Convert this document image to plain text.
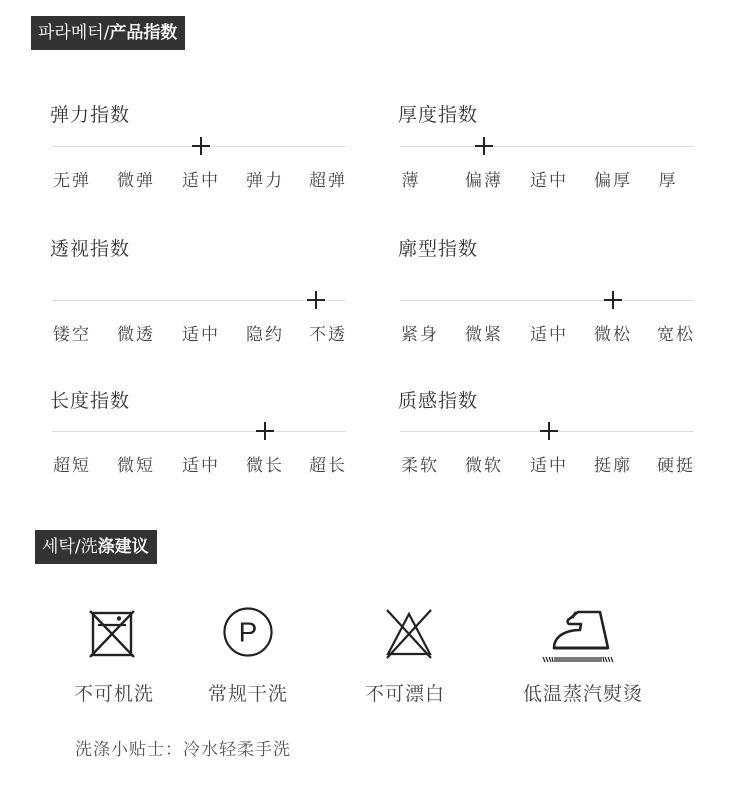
파라메터/产品指数
弹力指数
无弹 微弹 适中 弹力 超弹
厚度指数
薄	偏薄 适中 偏厚	厚
透视指数
镂空 微透 适中 隐约 不透
廓型指数
紧身 微紧 适中 微松 宽松
长度指数
超短 微短 适中 微长 超长
质感指数
柔软 微软 适中 挺廓 硬挺
세탁/洗涤建议
不可机洗
P
常规干洗	不可漂白	低温蒸汽熨烫
洗涤小贴士：冷水轻柔手洗
